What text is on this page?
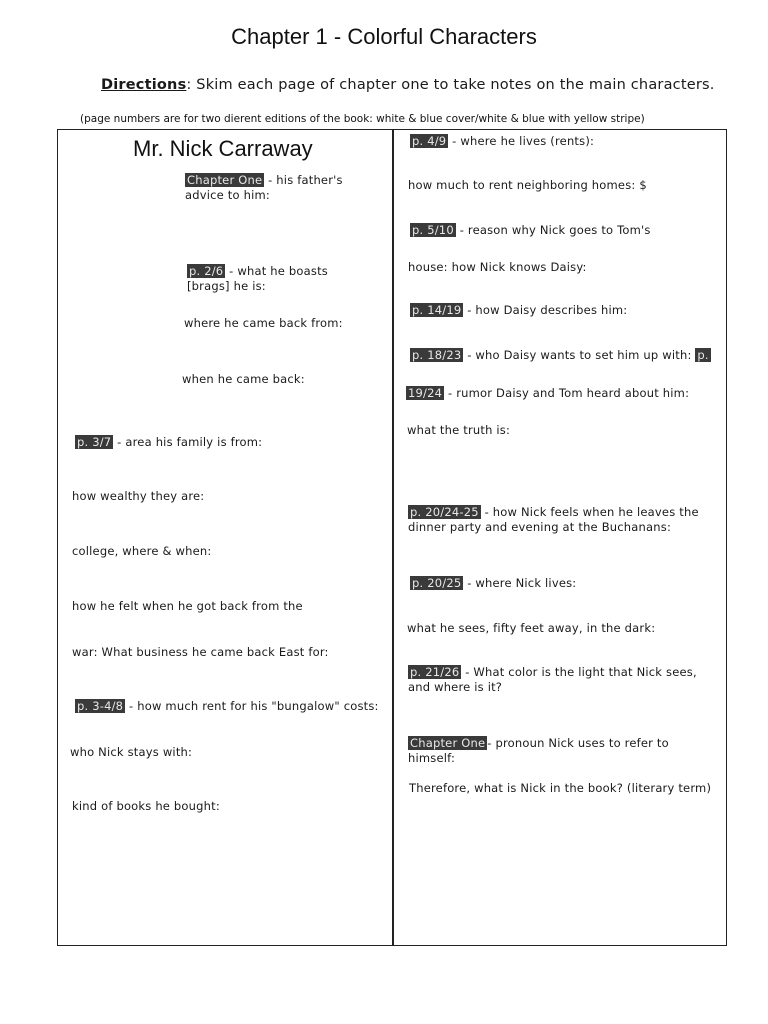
Chapter 1 - Colorful Characters
Directions: Skim each page of chapter one to take notes on the main characters.
(page numbers are for two dierent editions of the book: white & blue cover/white & blue with yellow stripe)
Mr. Nick Carraway
Chapter One - his father's advice to him:
p. 2/6 - what he boasts [brags] he is:
where he came back from:
when he came back:
p. 3/7 - area his family is from:
how wealthy they are:
college, where & when:
how he felt when he got back from the
war: What business he came back East for:
p. 3-4/8 - how much rent for his "bungalow" costs:
who Nick stays with:
kind of books he bought:
p. 4/9 - where he lives (rents):
how much to rent neighboring homes: $
p. 5/10 - reason why Nick goes to Tom's
house: how Nick knows Daisy:
p. 14/19 - how Daisy describes him:
p. 18/23 - who Daisy wants to set him up with: p.
19/24 - rumor Daisy and Tom heard about him:
what the truth is:
p. 20/24-25 - how Nick feels when he leaves the dinner party and evening at the Buchanans:
p. 20/25 - where Nick lives:
what he sees, fifty feet away, in the dark:
p. 21/26 - What color is the light that Nick sees, and where is it?
Chapter One - pronoun Nick uses to refer to himself:
Therefore, what is Nick in the book? (literary term)
